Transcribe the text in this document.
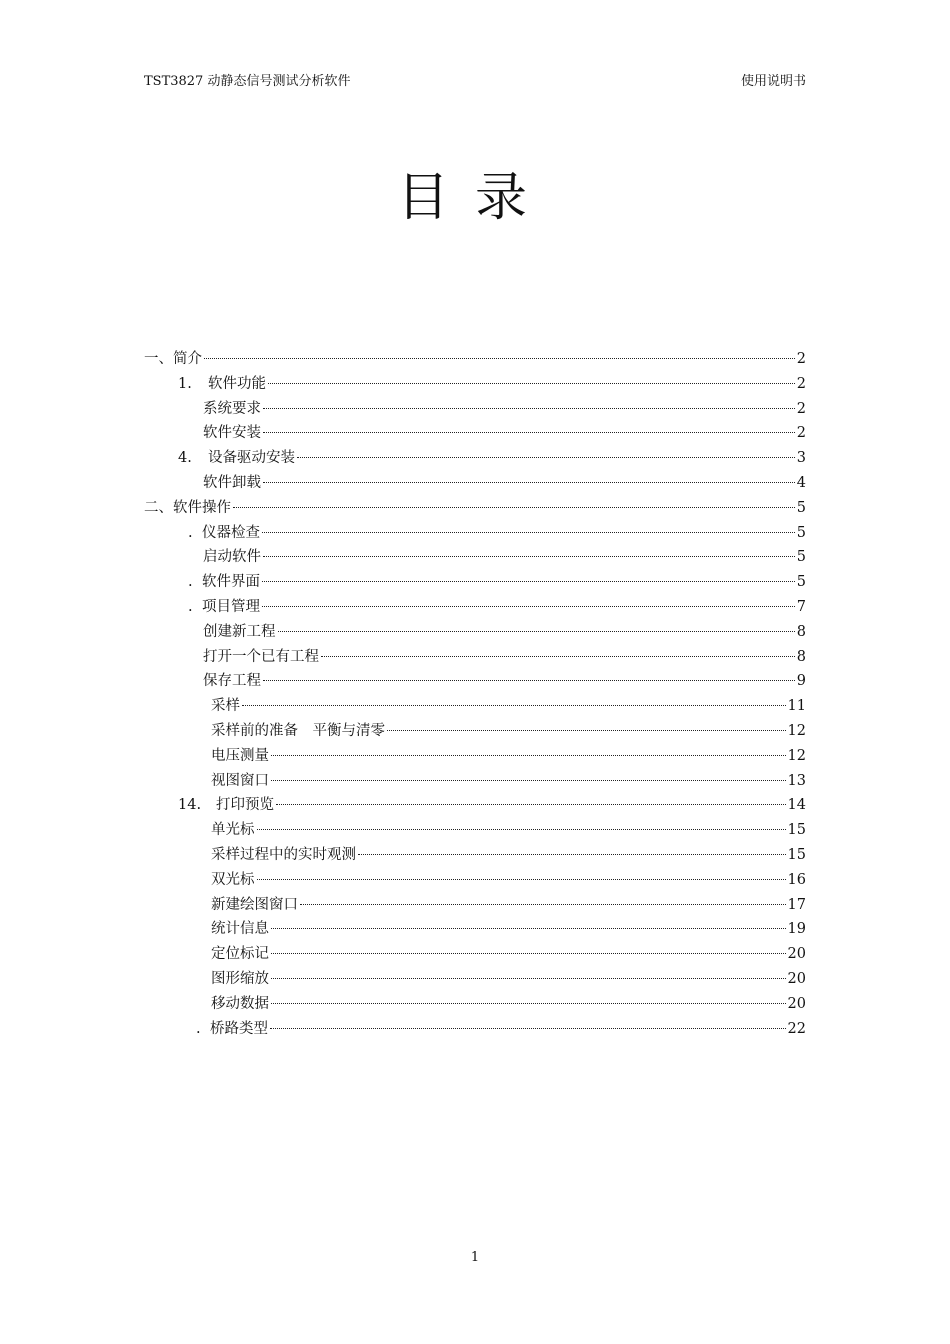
TST3827 动静态信号测试分析软件	使用说明书
目录
一、简介	2
1.	软件功能	2
系统要求	2
软件安装	2
4.	设备驱动安装	3
软件卸载	4
二、软件操作	5
. 仪器检查	5
启动软件	5
. 软件界面	5
. 项目管理	7
创建新工程	8
打开一个已有工程	8
保存工程	9
采样	11
采样前的准备　平衡与清零	12
电压测量	12
视图窗口	13
14.	打印预览	14
单光标	15
采样过程中的实时观测	15
双光标	16
新建绘图窗口	17
统计信息	19
定位标记	20
图形缩放	20
移动数据	20
. 桥路类型	22
1
